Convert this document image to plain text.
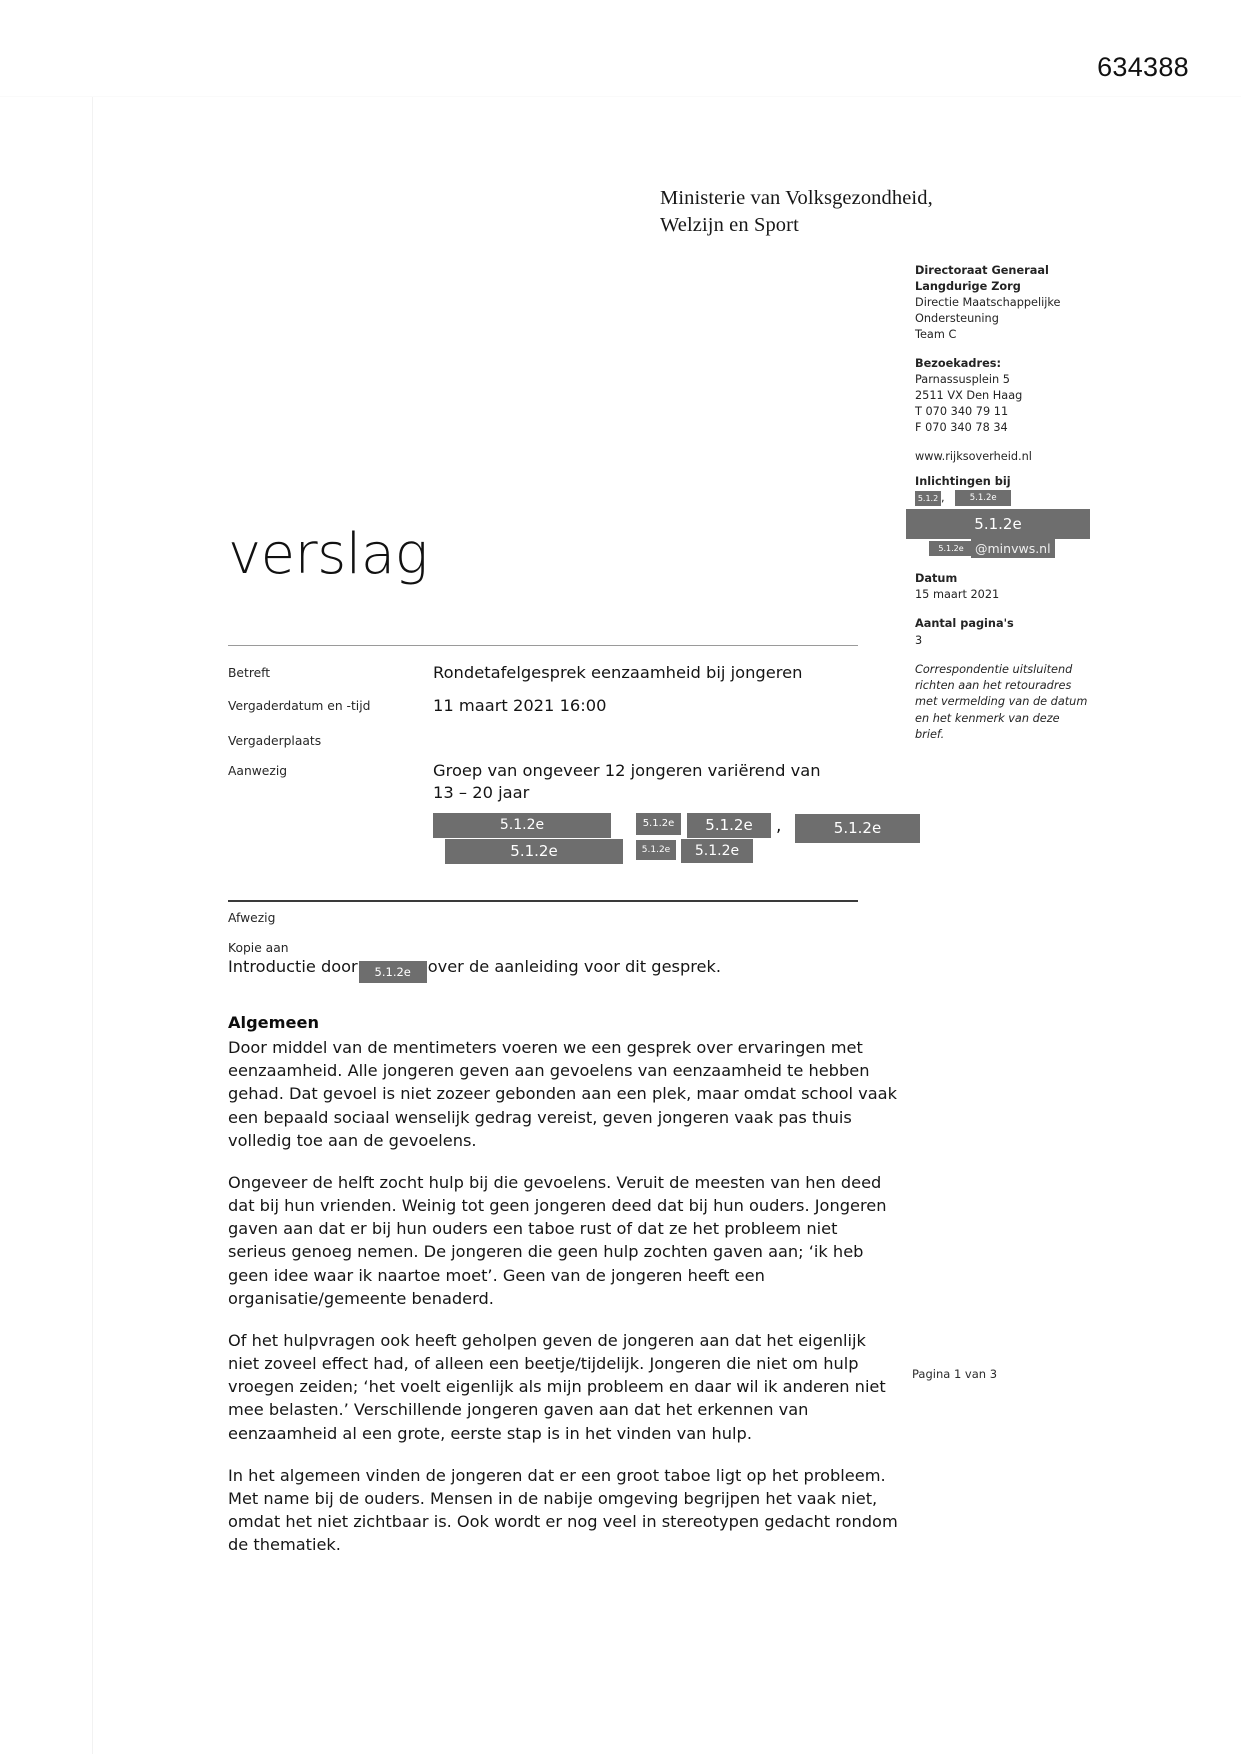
634388
Ministerie van Volksgezondheid,
Welzijn en Sport
Directoraat Generaal
Langdurige Zorg
Directie Maatschappelijke
Ondersteuning
Team C
Bezoekadres:
Parnassusplein 5
2511 VX Den Haag
T 070 340 79 11
F 070 340 78 34
www.rijksoverheid.nl
Inlichtingen bij
5.1.2 ,	5.1.2e
5.1.2e
5.1.2e @minvws.nl
Datum
15 maart 2021
Aantal pagina's
3
Correspondentie uitsluitend
richten aan het retouradres
met vermelding van de datum
en het kenmerk van deze
brief.
verslag
Betreft	Rondetafelgesprek eenzaamheid bij jongeren
Vergaderdatum en -tijd	11 maart 2021 16:00
Vergaderplaats
Aanwezig	Groep van ongeveer 12 jongeren variërend van
13 – 20 jaar
5.1.2e	5.1.2e	5.1.2e	,	5.1.2e
5.1.2e	5.1.2e	5.1.2e
Afwezig
Kopie aan

Introductie door 5.1.2e over de aanleiding voor dit gesprek.

Algemeen

Door middel van de mentimeters voeren we een gesprek over ervaringen met eenzaamheid. Alle jongeren geven aan gevoelens van eenzaamheid te hebben gehad. Dat gevoel is niet zozeer gebonden aan een plek, maar omdat school vaak een bepaald sociaal wenselijk gedrag vereist, geven jongeren vaak pas thuis volledig toe aan de gevoelens.

Ongeveer de helft zocht hulp bij die gevoelens. Veruit de meesten van hen deed dat bij hun vrienden. Weinig tot geen jongeren deed dat bij hun ouders. Jongeren gaven aan dat er bij hun ouders een taboe rust of dat ze het probleem niet serieus genoeg nemen. De jongeren die geen hulp zochten gaven aan; ‘ik heb geen idee waar ik naartoe moet’. Geen van de jongeren heeft een organisatie/gemeente benaderd.

Of het hulpvragen ook heeft geholpen geven de jongeren aan dat het eigenlijk niet zoveel effect had, of alleen een beetje/tijdelijk. Jongeren die niet om hulp vroegen zeiden; ‘het voelt eigenlijk als mijn probleem en daar wil ik anderen niet mee belasten.’ Verschillende jongeren gaven aan dat het erkennen van eenzaamheid al een grote, eerste stap is in het vinden van hulp.

In het algemeen vinden de jongeren dat er een groot taboe ligt op het probleem. Met name bij de ouders. Mensen in de nabije omgeving begrijpen het vaak niet, omdat het niet zichtbaar is. Ook wordt er nog veel in stereotypen gedacht rondom de thematiek.

Pagina 1 van 3
